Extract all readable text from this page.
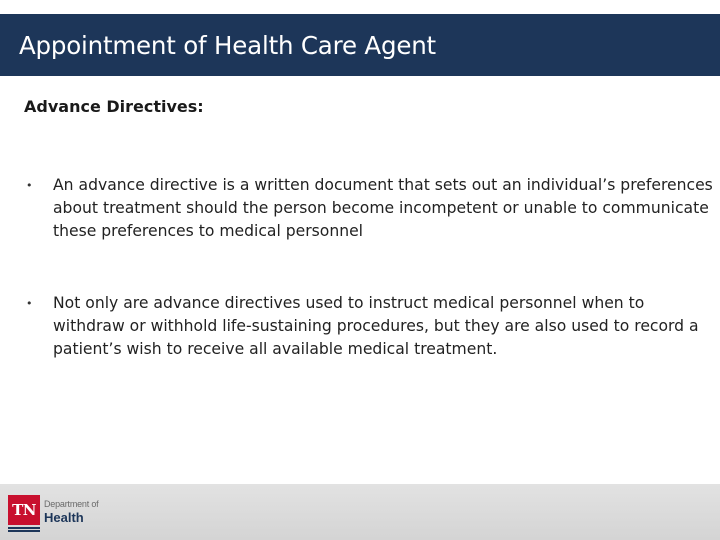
Appointment of Health Care Agent
Advance Directives:
• An advance directive is a written document that sets out an individual’s preferences about treatment should the person become incompetent or unable to communicate these preferences to medical personnel
• Not only are advance directives used to instruct medical personnel when to withdraw or withhold life-sustaining procedures, but they are also used to record a patient’s wish to receive all available medical treatment.
TN Department of
Health
